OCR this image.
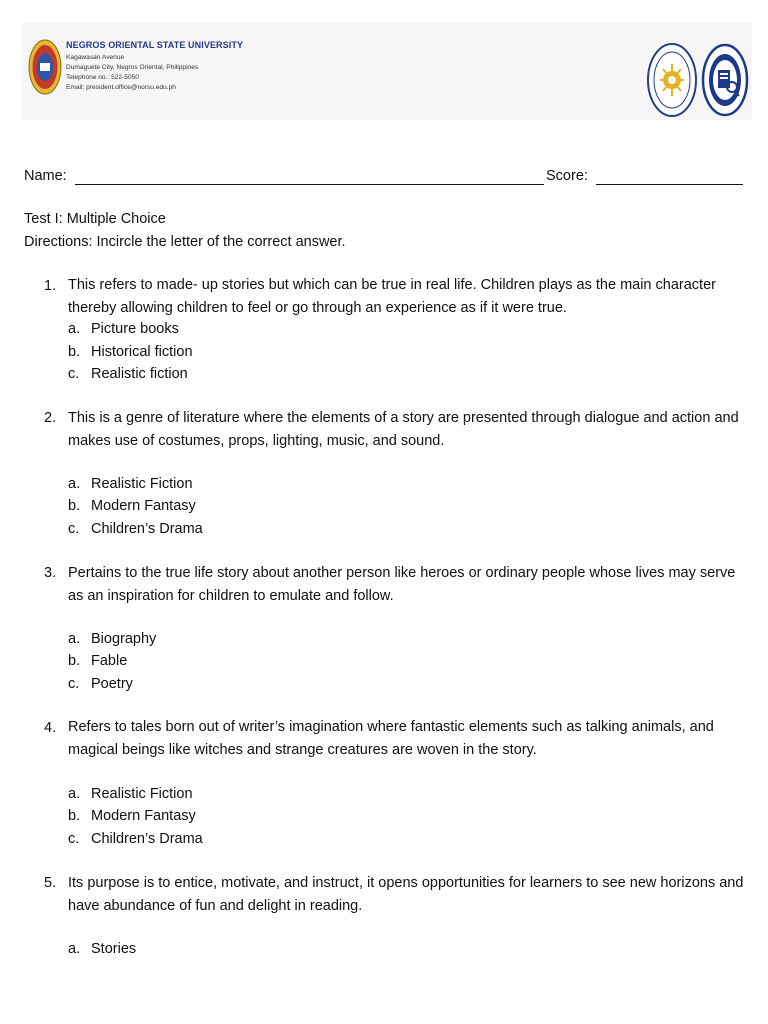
NEGROS ORIENTAL STATE UNIVERSITY
Kagawasan Avenue
Dumaguete City, Negros Oriental, Philippines
Telephone no.: 522-5050
Email: president.office@norsu.edu.ph
Name:	Score:
Test I: Multiple Choice
Directions: Incircle the letter of the correct answer.
1. This refers to made- up stories but which can be true in real life. Children plays as the main character thereby allowing children to feel or go through an experience as if it were true.
a. Picture books
b. Historical fiction
c. Realistic fiction
2. This is a genre of literature where the elements of a story are presented through dialogue and action and makes use of costumes, props, lighting, music, and sound.
a. Realistic Fiction
b. Modern Fantasy
c. Children’s Drama
3. Pertains to the true life story about another person like heroes or ordinary people whose lives may serve as an inspiration for children to emulate and follow.
a. Biography
b. Fable
c. Poetry
4. Refers to tales born out of writer’s imagination where fantastic elements such as talking animals, and magical beings like witches and strange creatures are woven in the story.
a. Realistic Fiction
b. Modern Fantasy
c. Children’s Drama
5. Its purpose is to entice, motivate, and instruct, it opens opportunities for learners to see new horizons and have abundance of fun and delight in reading.
a. Stories
